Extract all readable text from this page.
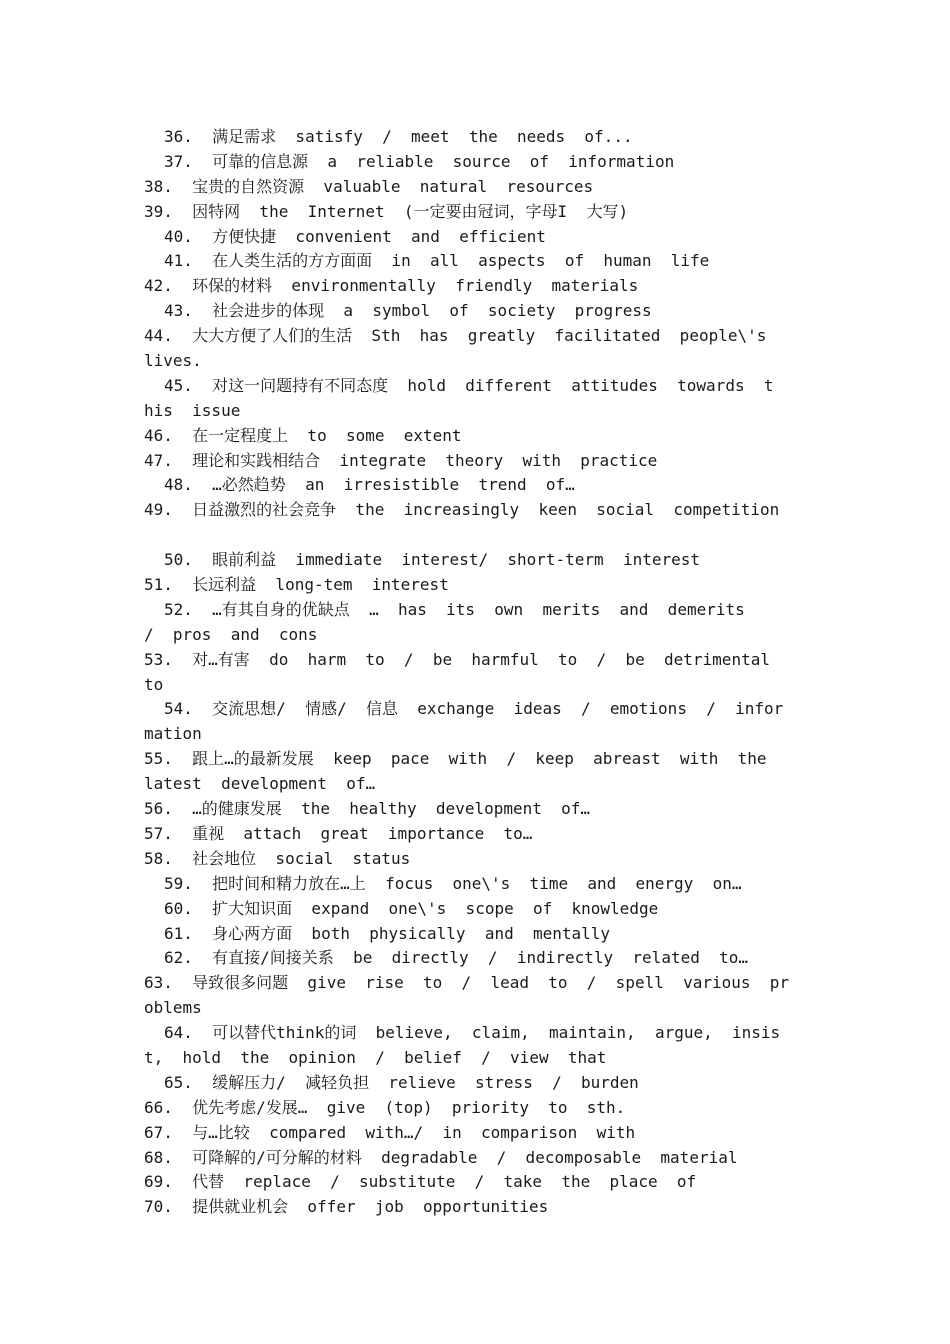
36.  满足需求  satisfy  /  meet  the  needs  of...
37.  可靠的信息源  a  reliable  source  of  information
38.  宝贵的自然资源  valuable  natural  resources
39.  因特网  the  Internet  (一定要由冠词，字母I  大写)
40.  方便快捷  convenient  and  efficient
41.  在人类生活的方方面面  in  all  aspects  of  human  life
42.  环保的材料  environmentally  friendly  materials
43.  社会进步的体现  a  symbol  of  society  progress
44.  大大方便了人们的生活  Sth  has  greatly  facilitated  people\'s
lives.
45.  对这一问题持有不同态度  hold  different  attitudes  towards  t
his  issue
46.  在一定程度上  to  some  extent
47.  理论和实践相结合  integrate  theory  with  practice
48.  …必然趋势  an  irresistible  trend  of…
49.  日益激烈的社会竞争  the  increasingly  keen  social  competition
50.  眼前利益  immediate  interest/  short-term  interest
51.  长远利益  long-tem  interest
52.  …有其自身的优缺点  …  has  its  own  merits  and  demerits
/  pros  and  cons
53.  对…有害  do  harm  to  /  be  harmful  to  /  be  detrimental
to
54.  交流思想/  情感/  信息  exchange  ideas  /  emotions  /  infor
mation
55.  跟上…的最新发展  keep  pace  with  /  keep  abreast  with  the
latest  development  of…
56.  …的健康发展  the  healthy  development  of…
57.  重视  attach  great  importance  to…
58.  社会地位  social  status
59.  把时间和精力放在…上  focus  one\'s  time  and  energy  on…
60.  扩大知识面  expand  one\'s  scope  of  knowledge
61.  身心两方面  both  physically  and  mentally
62.  有直接/间接关系  be  directly  /  indirectly  related  to…
63.  导致很多问题  give  rise  to  /  lead  to  /  spell  various  pr
oblems
64.  可以替代think的词  believe,  claim,  maintain,  argue,  insis
t,  hold  the  opinion  /  belief  /  view  that
65.  缓解压力/  减轻负担  relieve  stress  /  burden
66.  优先考虑/发展…  give  (top)  priority  to  sth.
67.  与…比较  compared  with…/  in  comparison  with
68.  可降解的/可分解的材料  degradable  /  decomposable  material
69.  代替  replace  /  substitute  /  take  the  place  of
70.  提供就业机会  offer  job  opportunities
